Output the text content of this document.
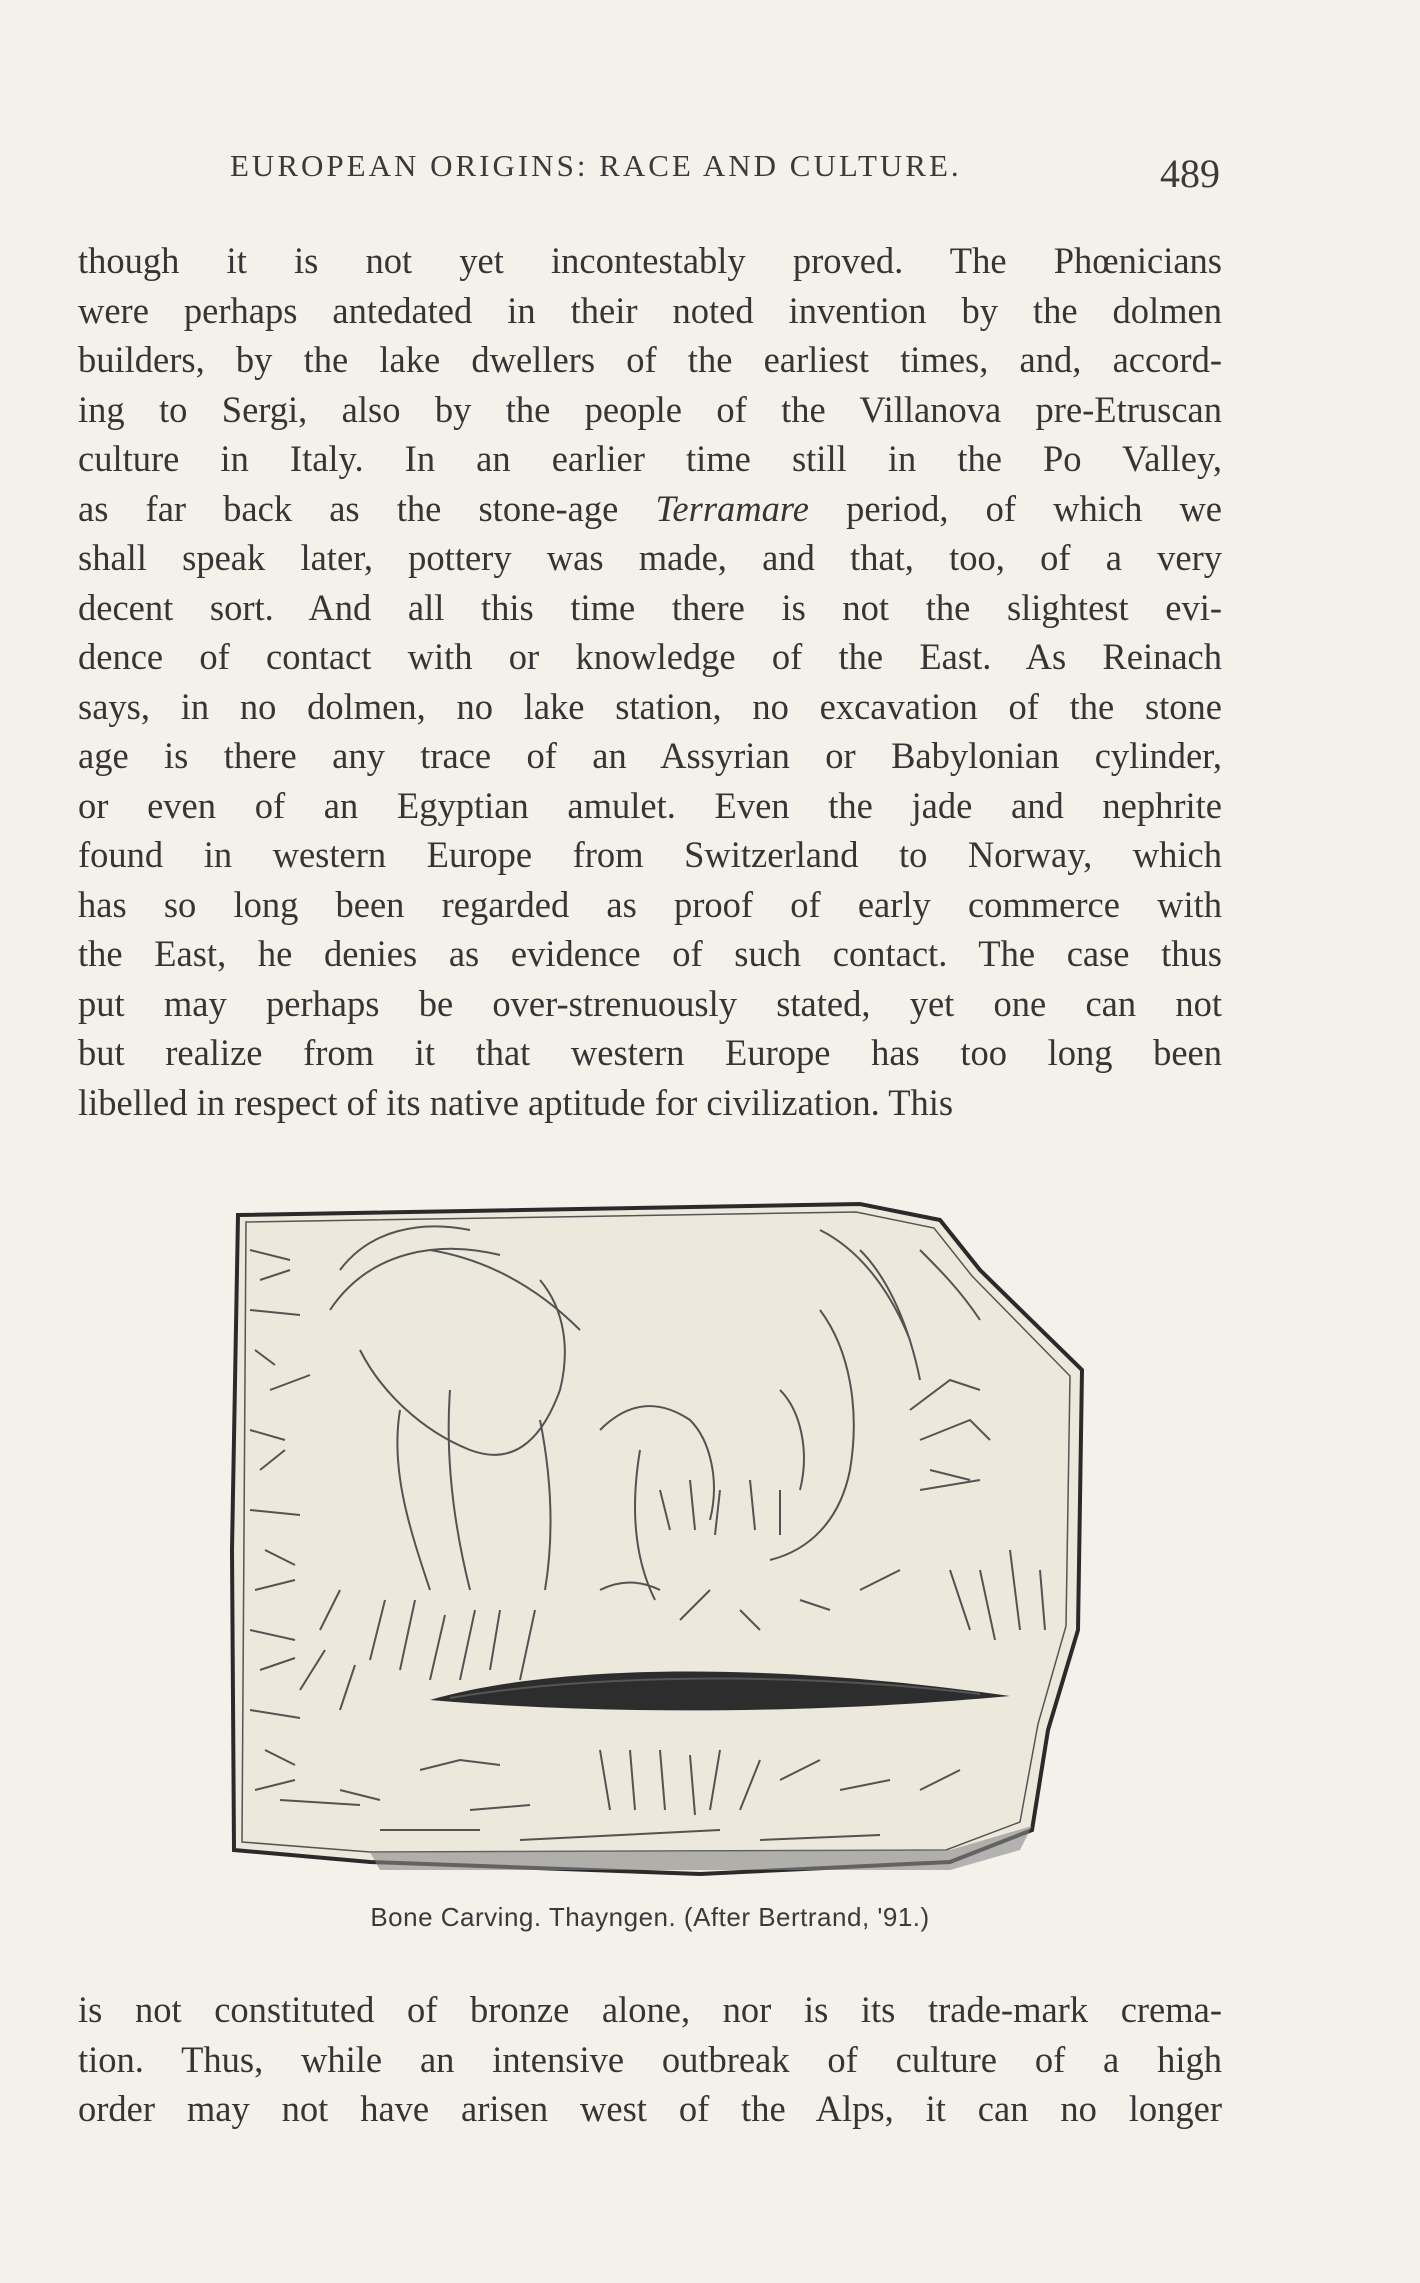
EUROPEAN ORIGINS: RACE AND CULTURE.	489
though it is not yet incontestably proved. The Phœnicians
were perhaps antedated in their noted invention by the dolmen
builders, by the lake dwellers of the earliest times, and, accord-
ing to Sergi, also by the people of the Villanova pre-Etruscan
culture in Italy. In an earlier time still in the Po Valley,
as far back as the stone-age Terramare period, of which we
shall speak later, pottery was made, and that, too, of a very
decent sort. And all this time there is not the slightest evi-
dence of contact with or knowledge of the East. As Reinach
says, in no dolmen, no lake station, no excavation of the stone
age is there any trace of an Assyrian or Babylonian cylinder,
or even of an Egyptian amulet. Even the jade and nephrite
found in western Europe from Switzerland to Norway, which
has so long been regarded as proof of early commerce with
the East, he denies as evidence of such contact. The case thus
put may perhaps be over-strenuously stated, yet one can not
but realize from it that western Europe has too long been
libelled in respect of its native aptitude for civilization. This
Bone Carving. Thayngen. (After Bertrand, '91.)
is not constituted of bronze alone, nor is its trade-mark crema-
tion. Thus, while an intensive outbreak of culture of a high
order may not have arisen west of the Alps, it can no longer
